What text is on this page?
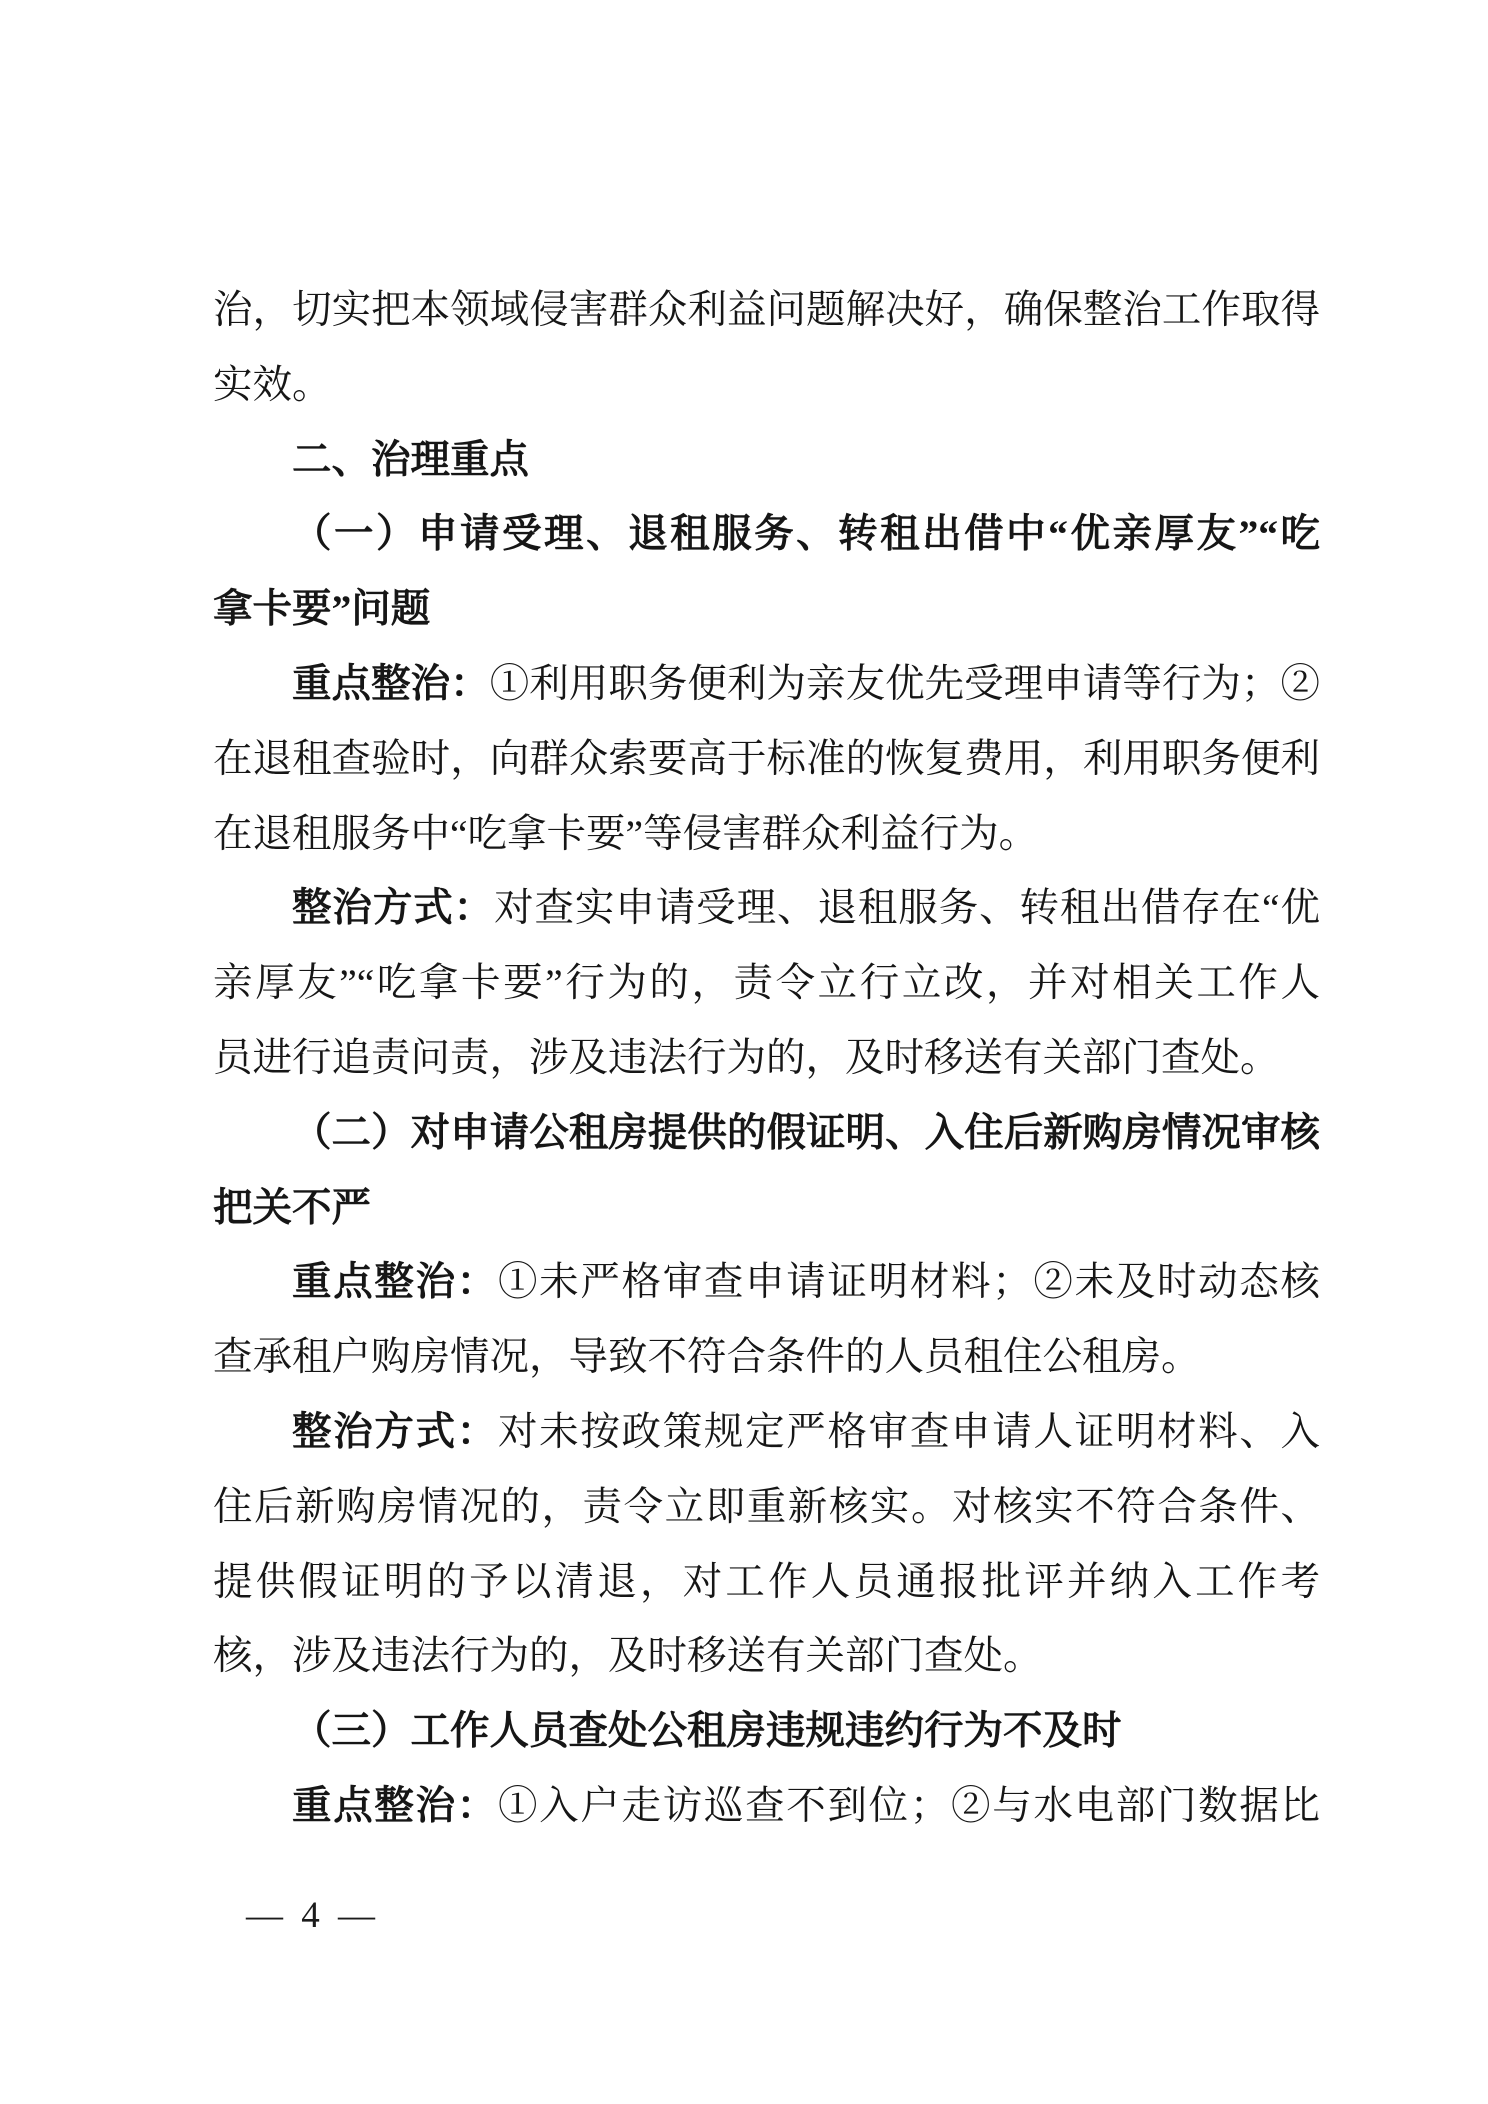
治，切实把本领域侵害群众利益问题解决好，确保整治工作取得
实效。
二、治理重点
（一）申请受理、退租服务、转租出借中“优亲厚友”“吃
拿卡要”问题
重点整治：①利用职务便利为亲友优先受理申请等行为；②
在退租查验时，向群众索要高于标准的恢复费用，利用职务便利
在退租服务中“吃拿卡要”等侵害群众利益行为。
整治方式：对查实申请受理、退租服务、转租出借存在“优
亲厚友”“吃拿卡要”行为的，责令立行立改，并对相关工作人
员进行追责问责，涉及违法行为的，及时移送有关部门查处。
（二）对申请公租房提供的假证明、入住后新购房情况审核
把关不严
重点整治：①未严格审查申请证明材料；②未及时动态核
查承租户购房情况，导致不符合条件的人员租住公租房。
整治方式：对未按政策规定严格审查申请人证明材料、入
住后新购房情况的，责令立即重新核实。对核实不符合条件、
提供假证明的予以清退，对工作人员通报批评并纳入工作考
核，涉及违法行为的，及时移送有关部门查处。
（三）工作人员查处公租房违规违约行为不及时
重点整治：①入户走访巡查不到位；②与水电部门数据比
— 4 —
